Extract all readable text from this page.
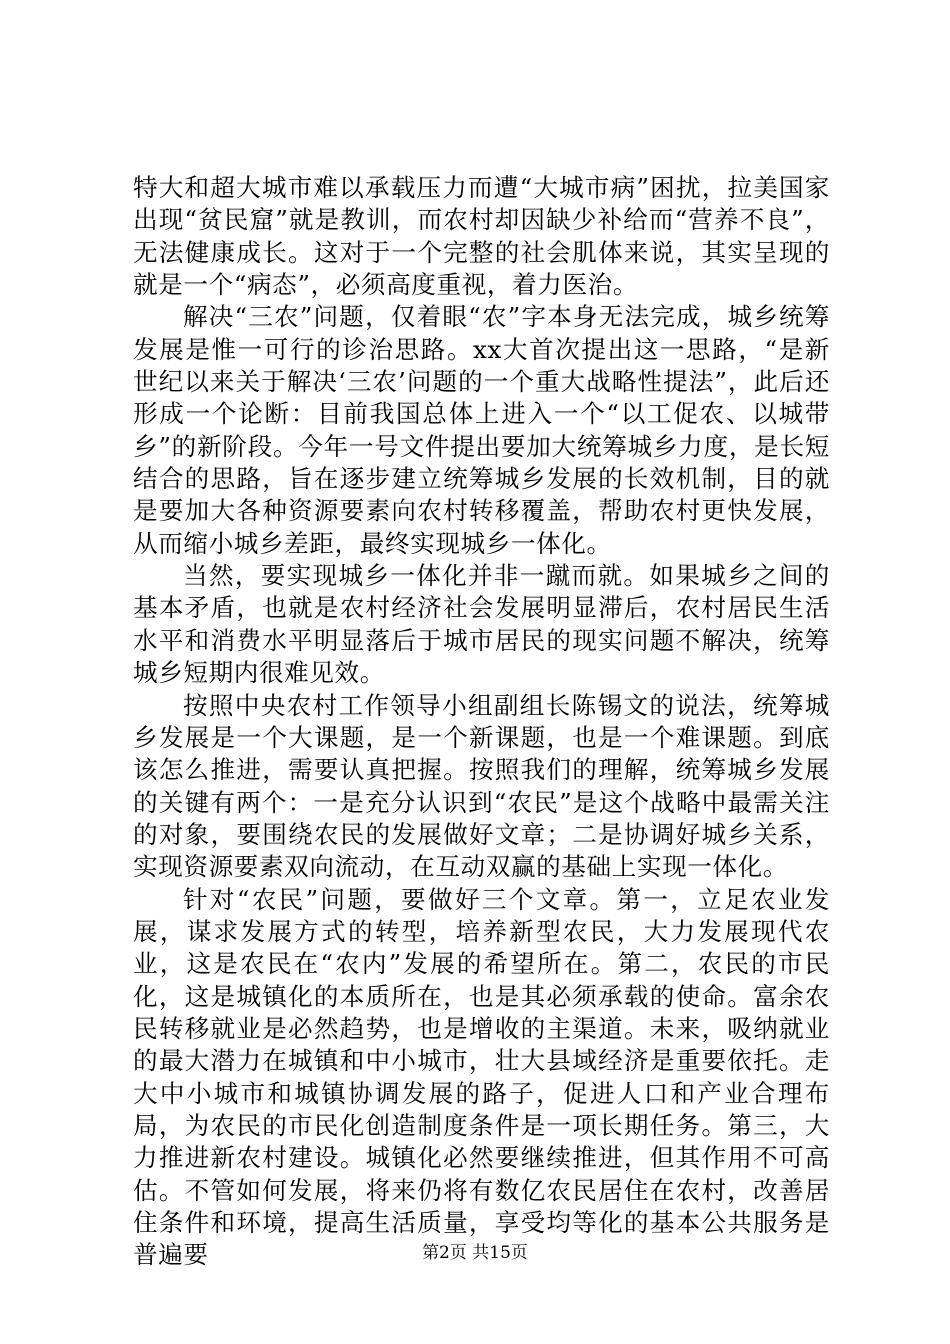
特大和超大城市难以承载压力而遭“大城市病”困扰，拉美国家出现“贫民窟”就是教训，而农村却因缺少补给而“营养不良”，无法健康成长。这对于一个完整的社会肌体来说，其实呈现的就是一个“病态”，必须高度重视，着力医治。

解决“三农”问题，仅着眼“农”字本身无法完成，城乡统筹发展是惟一可行的诊治思路。xx大首次提出这一思路，“是新世纪以来关于解决‘三农’问题的一个重大战略性提法”，此后还形成一个论断：目前我国总体上进入一个“以工促农、以城带乡”的新阶段。今年一号文件提出要加大统筹城乡力度，是长短结合的思路，旨在逐步建立统筹城乡发展的长效机制，目的就是要加大各种资源要素向农村转移覆盖，帮助农村更快发展，从而缩小城乡差距，最终实现城乡一体化。

当然，要实现城乡一体化并非一蹴而就。如果城乡之间的基本矛盾，也就是农村经济社会发展明显滞后，农村居民生活水平和消费水平明显落后于城市居民的现实问题不解决，统筹城乡短期内很难见效。

按照中央农村工作领导小组副组长陈锡文的说法，统筹城乡发展是一个大课题，是一个新课题，也是一个难课题。到底该怎么推进，需要认真把握。按照我们的理解，统筹城乡发展的关键有两个：一是充分认识到“农民”是这个战略中最需关注的对象，要围绕农民的发展做好文章；二是协调好城乡关系，实现资源要素双向流动，在互动双赢的基础上实现一体化。

针对“农民”问题，要做好三个文章。第一，立足农业发展，谋求发展方式的转型，培养新型农民，大力发展现代农业，这是农民在“农内”发展的希望所在。第二，农民的市民化，这是城镇化的本质所在，也是其必须承载的使命。富余农民转移就业是必然趋势，也是增收的主渠道。未来，吸纳就业的最大潜力在城镇和中小城市，壮大县域经济是重要依托。走大中小城市和城镇协调发展的路子，促进人口和产业合理布局，为农民的市民化创造制度条件是一项长期任务。第三，大力推进新农村建设。城镇化必然要继续推进，但其作用不可高估。不管如何发展，将来仍将有数亿农民居住在农村，改善居住条件和环境，提高生活质量，享受均等化的基本公共服务是普遍要	第2页 共15页
